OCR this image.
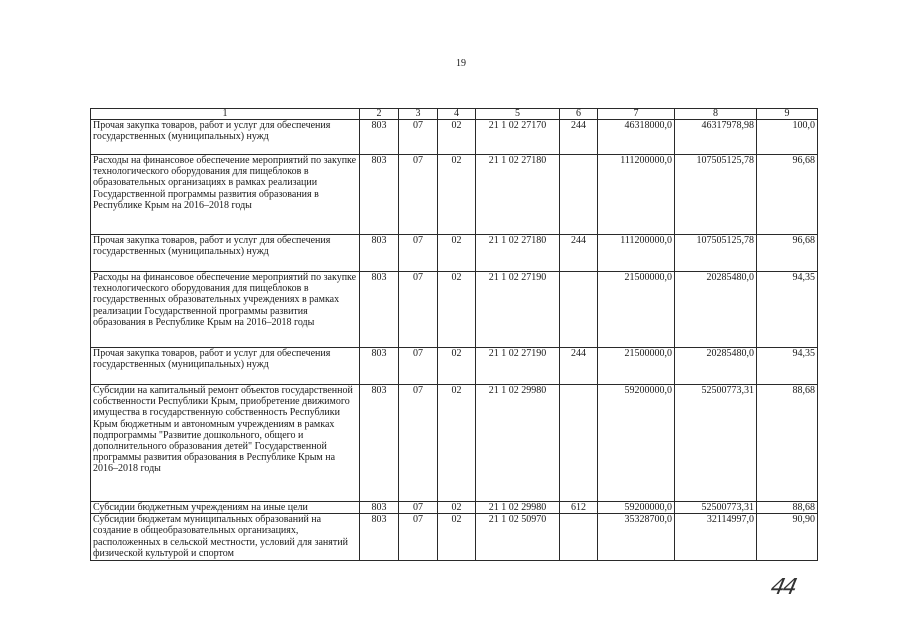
19
1	2	3	4	5	6	7	8	9
Прочая закупка товаров, работ и услуг для обеспечения государственных (муниципальных) нужд	803	07	02	21 1 02 27170	244	46318000,0	46317978,98	100,0
Расходы на финансовое обеспечение мероприятий по закупке технологического оборудования для пищеблоков в образовательных организациях в рамках реализации Государственной программы развития образования в Республике Крым на 2016–2018 годы	803	07	02	21 1 02 27180		111200000,0	107505125,78	96,68
Прочая закупка товаров, работ и услуг для обеспечения государственных (муниципальных) нужд	803	07	02	21 1 02 27180	244	111200000,0	107505125,78	96,68
Расходы на финансовое обеспечение мероприятий по закупке технологического оборудования для пищеблоков в государственных образовательных учреждениях в рамках реализации Государственной программы развития образования в Республике Крым на 2016–2018 годы	803	07	02	21 1 02 27190		21500000,0	20285480,0	94,35
Прочая закупка товаров, работ и услуг для обеспечения государственных (муниципальных) нужд	803	07	02	21 1 02 27190	244	21500000,0	20285480,0	94,35
Субсидии на капитальный ремонт объектов государственной собственности Республики Крым, приобретение движимого имущества в государственную собственность Республики Крым бюджетным и автономным учреждениям в рамках подпрограммы "Развитие дошкольного, общего и дополнительного образования детей" Государственной программы развития образования в Республике Крым на 2016–2018 годы	803	07	02	21 1 02 29980		59200000,0	52500773,31	88,68
Субсидии бюджетным учреждениям на иные цели	803	07	02	21 1 02 29980	612	59200000,0	52500773,31	88,68
Субсидии бюджетам муниципальных образований на создание в общеобразовательных организациях, расположенных в сельской местности, условий для занятий физической культурой и спортом	803	07	02	21 1 02 50970		35328700,0	32114997,0	90,90
44
